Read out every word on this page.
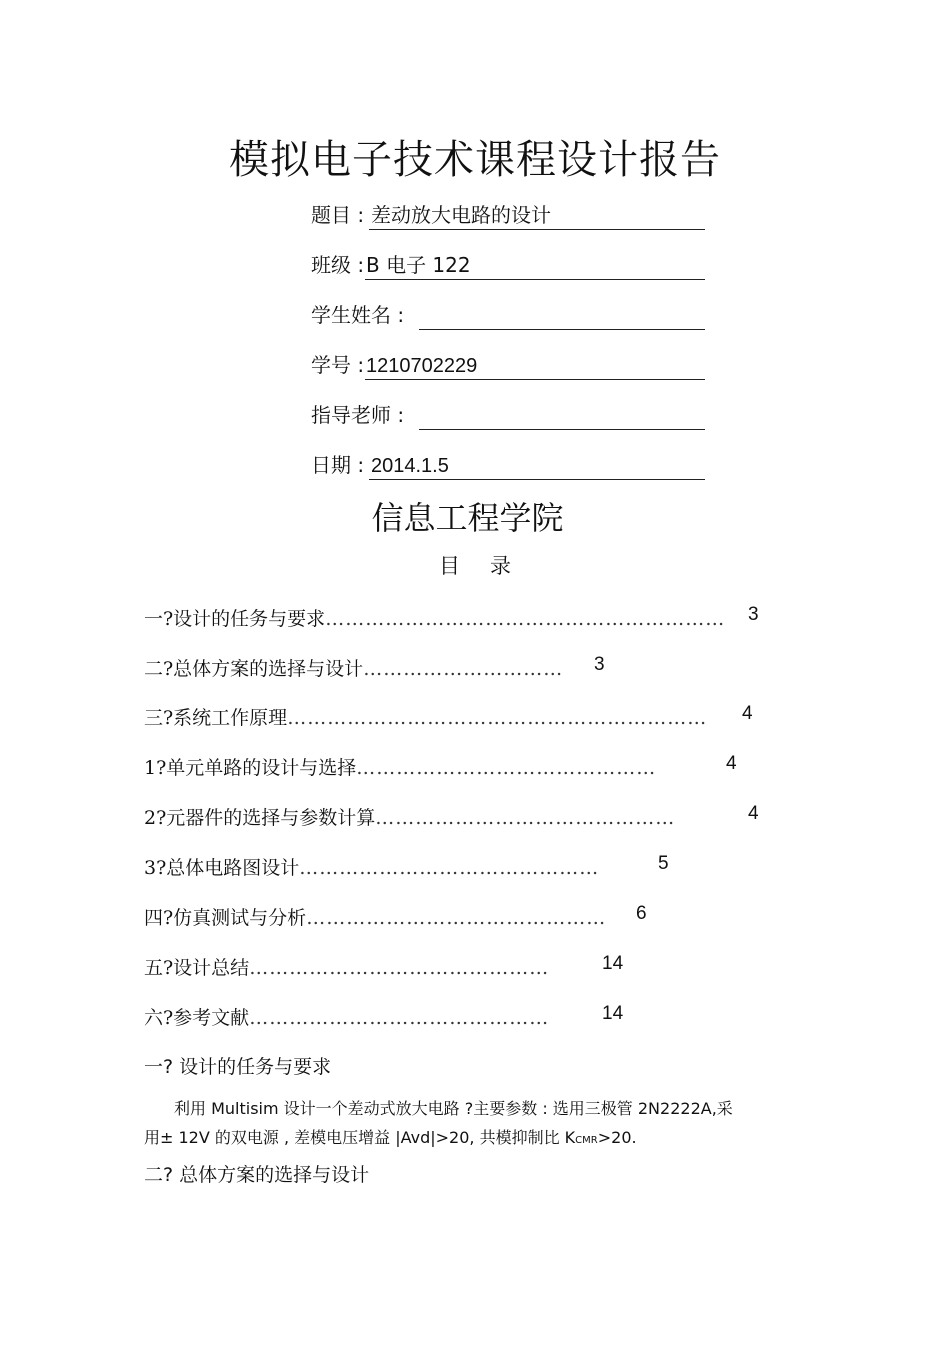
模拟电子技术课程设计报告
题目 : 差动放大电路的设计
班级 : B 电子 122
学生姓名 :
学号 : 1210702229
指导老师 :
日期 : 2014.1.5
信息工程学院
目录
一?设计的任务与要求…………………………………………………… 3
二?总体方案的选择与设计………………………… 3
三?系统工作原理……………………………………………………… 4
1?单元单路的设计与选择………………………………………	4
2?元器件的选择与参数计算………………………………………	4
3?总体电路图设计………………………………………	5
四?仿真测试与分析……………………………………… 6
五?设计总结………………………………………	14
六?参考文献………………………………………	14
一? 设计的任务与要求
利用 Multisim 设计一个差动式放大电路 ?主要参数 : 选用三极管 2N2222A,采
用± 12V 的双电源 , 差模电压增益 |Avd|>20, 共模抑制比 KCMR>20.
二? 总体方案的选择与设计
